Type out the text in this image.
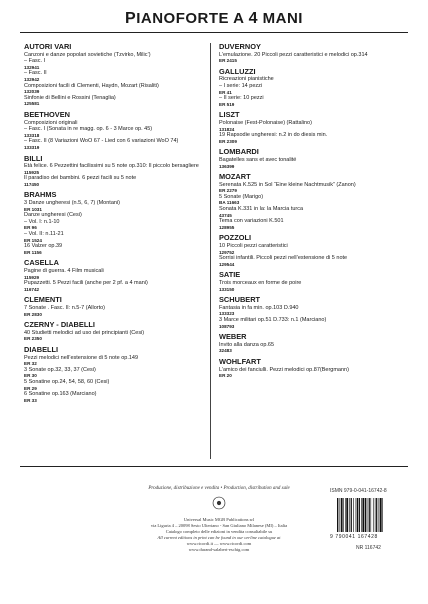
PIANOFORTE A 4 MANI
AUTORI VARI
Canzoni e danze popolari sovietiche (Tzvirko, Milic’)
– Fasc. I
132941
– Fasc. II
132942
Composizioni facili di Clementi, Haydn, Mozart (Risaliti)
132039
Sinfonie di Bellini e Rossini (Tenaglia)
125581
BEETHOVEN
Composizioni originali
– Fasc. I (Sonata in re magg. op. 6 - 3 Marce op. 45)
133318
– Fasc. II (8 Variazioni WoO 67 - Lied con 6 variazioni WoO 74)
133319
BILLI
Età felice. 6 Pezzettini facilissimi su 5 note op.310: Il piccolo bersagliere
115925
Il paradiso dei bambini. 6 pezzi facili su 5 note
117450
BRAHMS
3 Danze ungheresi (n.5, 6, 7) (Montani)
ER 1031
Danze ungheresi (Cesi)
– Vol. I: n.1-10
ER 96
– Vol. II: n.11-21
ER 1524
16 Valzer op.39
ER 1156
CASELLA
Pagine di guerra. 4 Film musicali
115929
Pupazzetti. 5 Pezzi facili (anche per 2 pf. a 4 mani)
116742
CLEMENTI
7 Sonate . Fasc. II: n.5-7 (Allorto)
ER 2830
CZERNY - DIABELLI
40 Studietti melodici ad uso dei principianti (Cesi)
ER 2350
DIABELLI
Pezzi melodici nell’estensione di 5 note op.149
ER 32
3 Sonate op.32, 33, 37 (Cesi)
ER 30
5 Sonatine op.24, 54, 58, 60 (Cesi)
ER 29
6 Sonatine op.163 (Marciano)
ER 33
DUVERNOY
L’emulazione. 20 Piccoli pezzi caratteristici e melodici op.314
ER 2415
GALLUZZI
Ricreazioni pianistiche
– I serie: 14 pezzi
ER 41
– II serie: 10 pezzi
ER 519
LISZT
Polonaise (Fest-Polonaise) (Rattalino)
131824
19 Rapsodie ungheresi: n.2 in do diesis min.
ER 2309
LOMBARDI
Bagatelles sans et avec tonalité
136399
MOZART
Serenata K.525 in Sol “Eine kleine Nachtmusik” (Zanon)
ER 2279
5 Sonate (Marigo)
BA 11663
Sonata K.331 in la: la Marcia turca
43745
Tema con variazioni K.501
128955
POZZOLI
10 Piccoli pezzi caratteristici
129752
Sorrisi infantili. Piccoli pezzi nell’estensione di 5 note
129544
SATIE
Trois morceaux en forme de poire
133150
SCHUBERT
Fantasia in fa min. op.103 D.940
133323
3 Marce militari op.51 D.733: n.1 (Marciano)
108793
WEBER
Invito alla danza op.65
32483
WOHLFART
L’amico dei fanciulli. Pezzi melodici op.87(Bergmann)
ER 20
Produzione, distribuzione e vendita • Production, distribution and sale
Universal Music MGB Publications srl
via Liguria 4 – 20098 Sesto Ulteriano - San Giuliano Milanese (MI) – Italia
Catalogo completo delle edizioni in vendita consultabile su
All current editions in print can be found in our on-line catalogue at
www.ricordi.it — www.ricordi.com
www.durand-salabert-eschig.com
ISMN 979-0-041-16742-8
9 790041 167428
NR 116742
